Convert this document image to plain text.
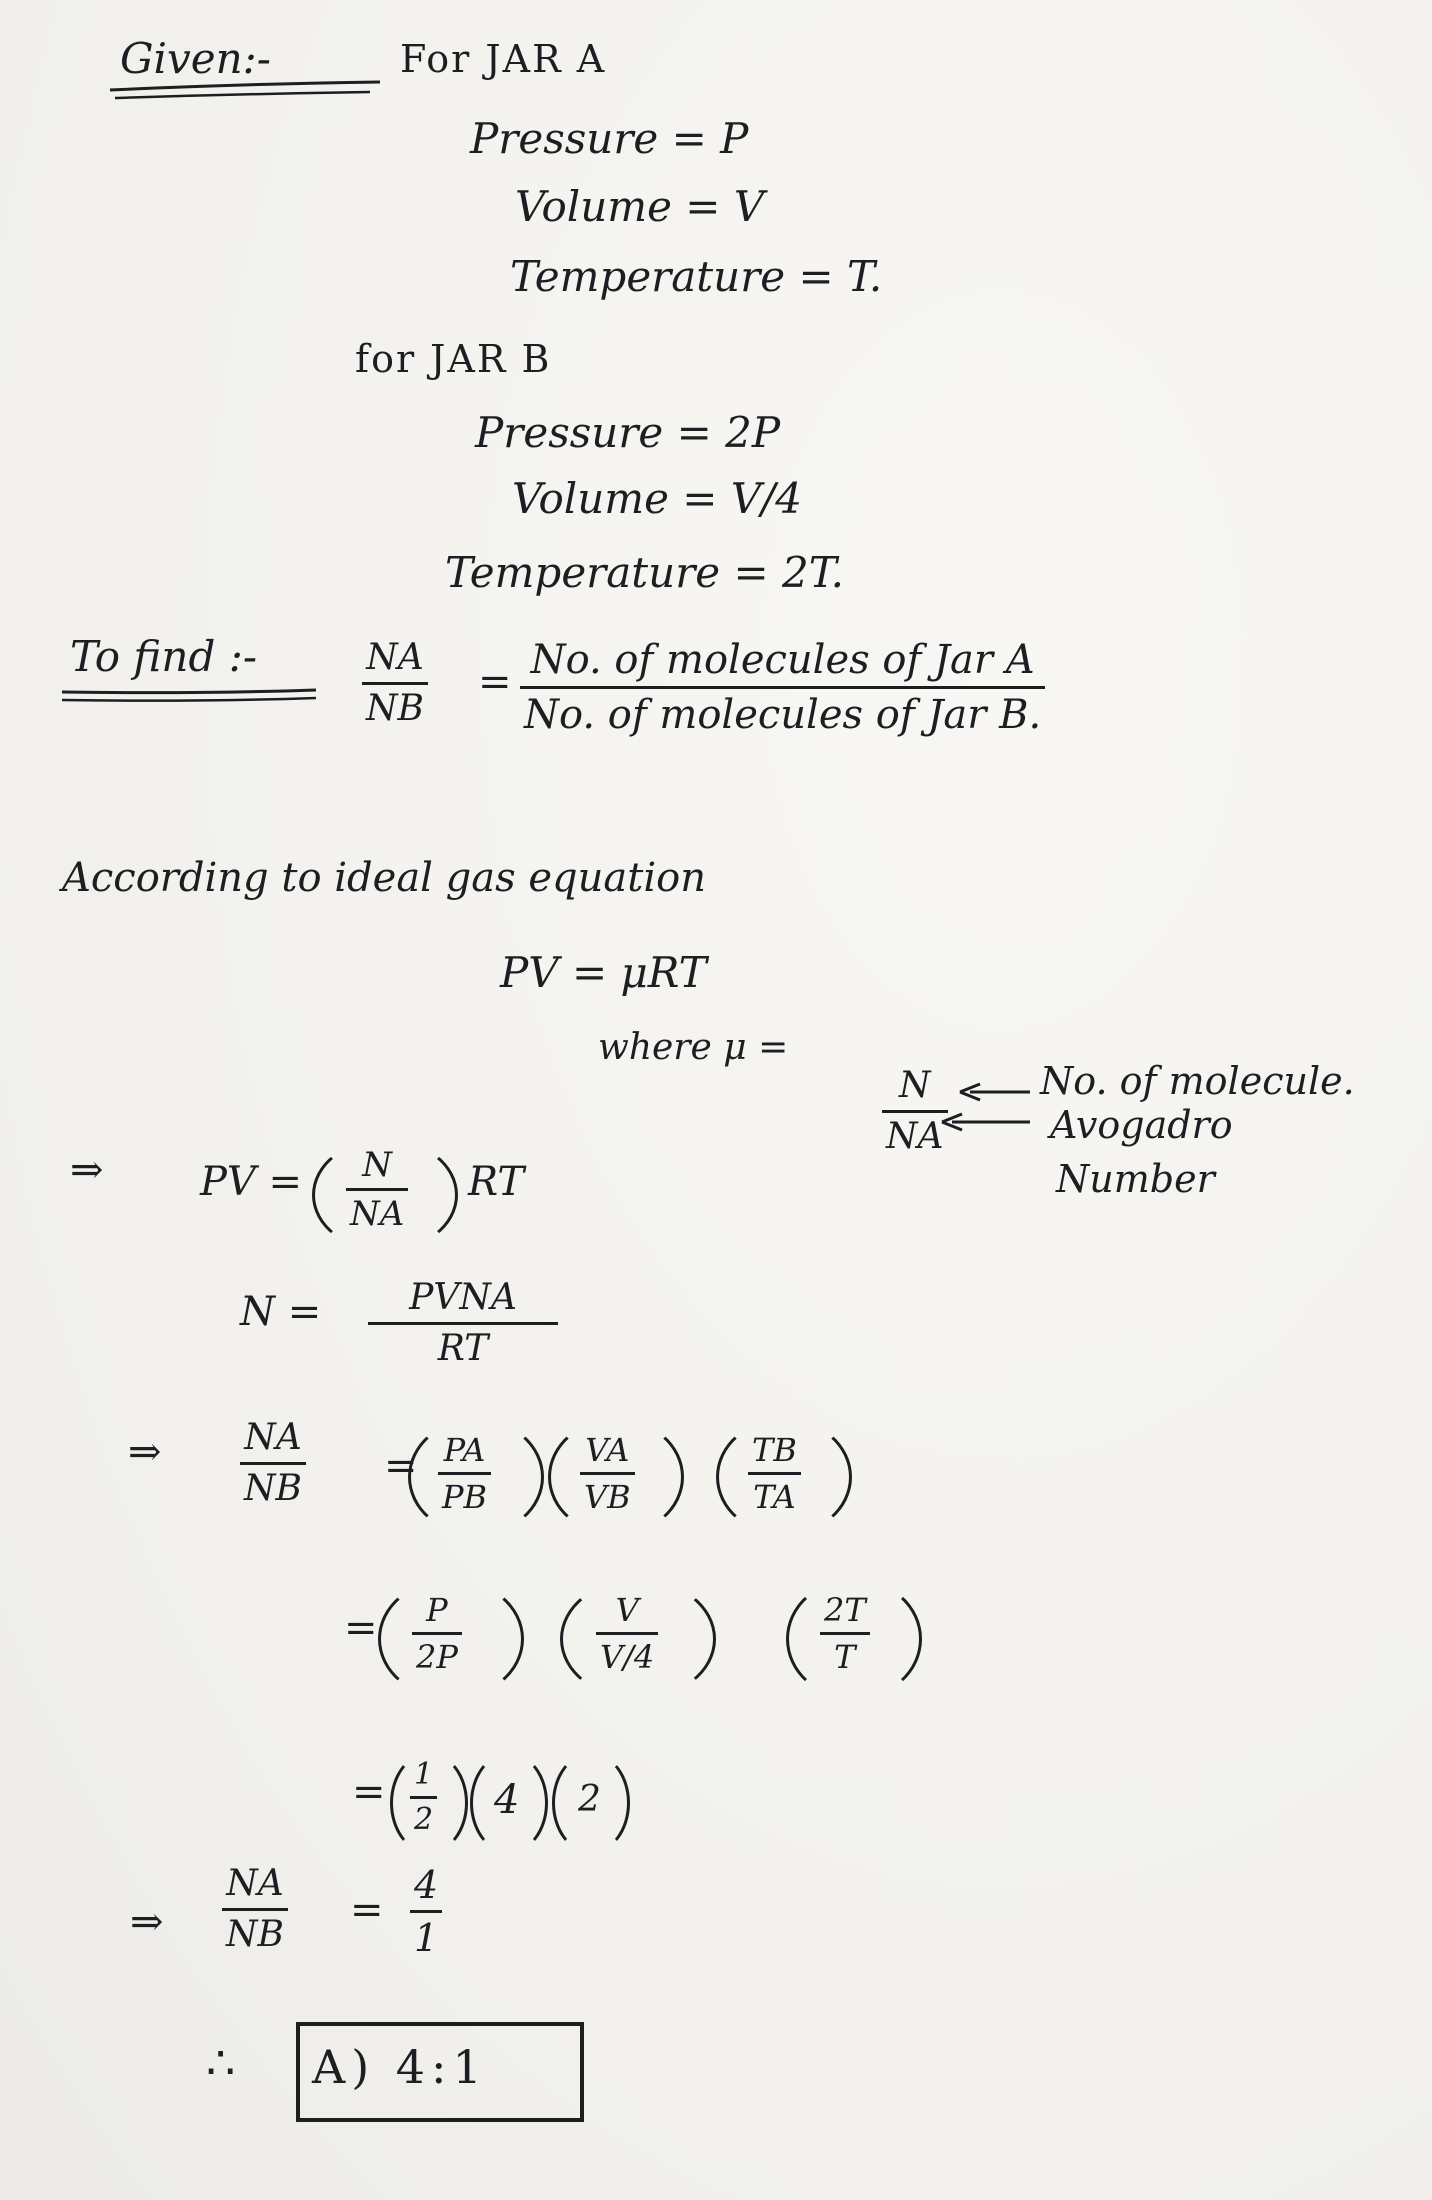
Given:-	For JAR A
Pressure = P
Volume = V
Temperature = T.
for JAR B
Pressure = 2P
Volume = V/4
Temperature = 2T.
To find :-	NA
NB
= No. of molecules of Jar A
No. of molecules of Jar B.
According to ideal gas equation
PV = μRT
where μ =
N
NA
No. of molecule.
Avogadro
Number
⇒ PV = N
NA
RT
N = PVNA
RT
⇒ NA
NB = PA
PB
VA
VB
TB
TA
= P
2P
V
V/4
2T
T
= 1
2 4 2
⇒
NA
NB
=
4
1
∴ A) 4:1
